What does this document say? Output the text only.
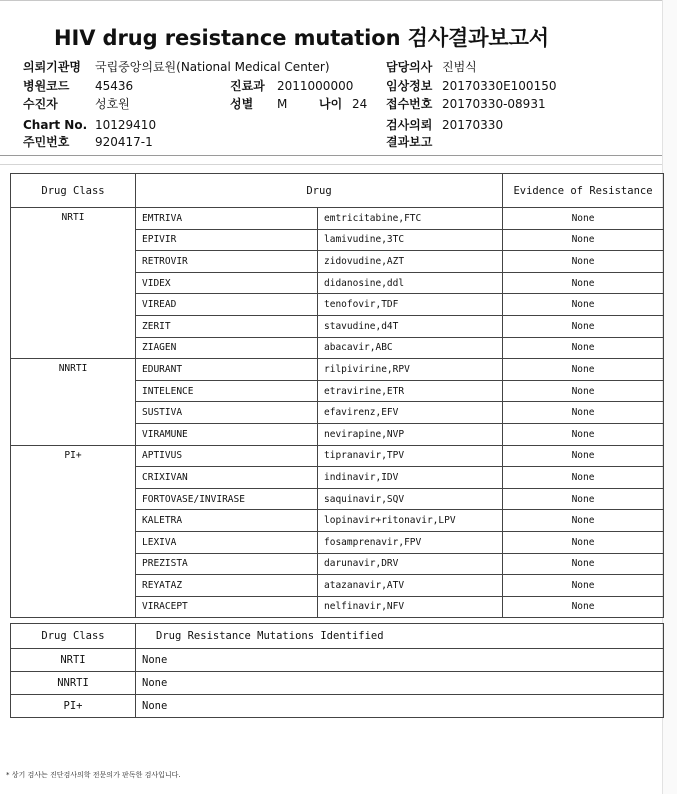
HIV drug resistance mutation 검사결과보고서
의뢰기관명 국립중앙의료원(National Medical Center)	담당의사 진범식
병원코드 45436	진료과 2011000000	임상정보 20170330E100150
수진자	성호원	성별 M	나이 24 접수번호 20170330-08931
Chart No. 10129410	검사의뢰 20170330
주민번호 920417-1	결과보고
Drug Class	Drug		Evidence of Resistance
NRTI	EMTRIVA	emtricitabine,FTC	None
	EPIVIR	lamivudine,3TC	None
	RETROVIR	zidovudine,AZT	None
	VIDEX	didanosine,ddl	None
	VIREAD	tenofovir,TDF	None
	ZERIT	stavudine,d4T	None
	ZIAGEN	abacavir,ABC	None
NNRTI	EDURANT	rilpivirine,RPV	None
	INTELENCE	etravirine,ETR	None
	SUSTIVA	efavirenz,EFV	None
	VIRAMUNE	nevirapine,NVP	None
PI+	APTIVUS	tipranavir,TPV	None
	CRIXIVAN	indinavir,IDV	None
	FORTOVASE/INVIRASE	saquinavir,SQV	None
	KALETRA	lopinavir+ritonavir,LPV	None
	LEXIVA	fosamprenavir,FPV	None
	PREZISTA	darunavir,DRV	None
	REYATAZ	atazanavir,ATV	None
	VIRACEPT	nelfinavir,NFV	None
Drug Class	Drug Resistance Mutations Identified
NRTI	None
NNRTI	None
PI+	None
* 상기 검사는 진단검사의학 전문의가 판독한 검사입니다.
